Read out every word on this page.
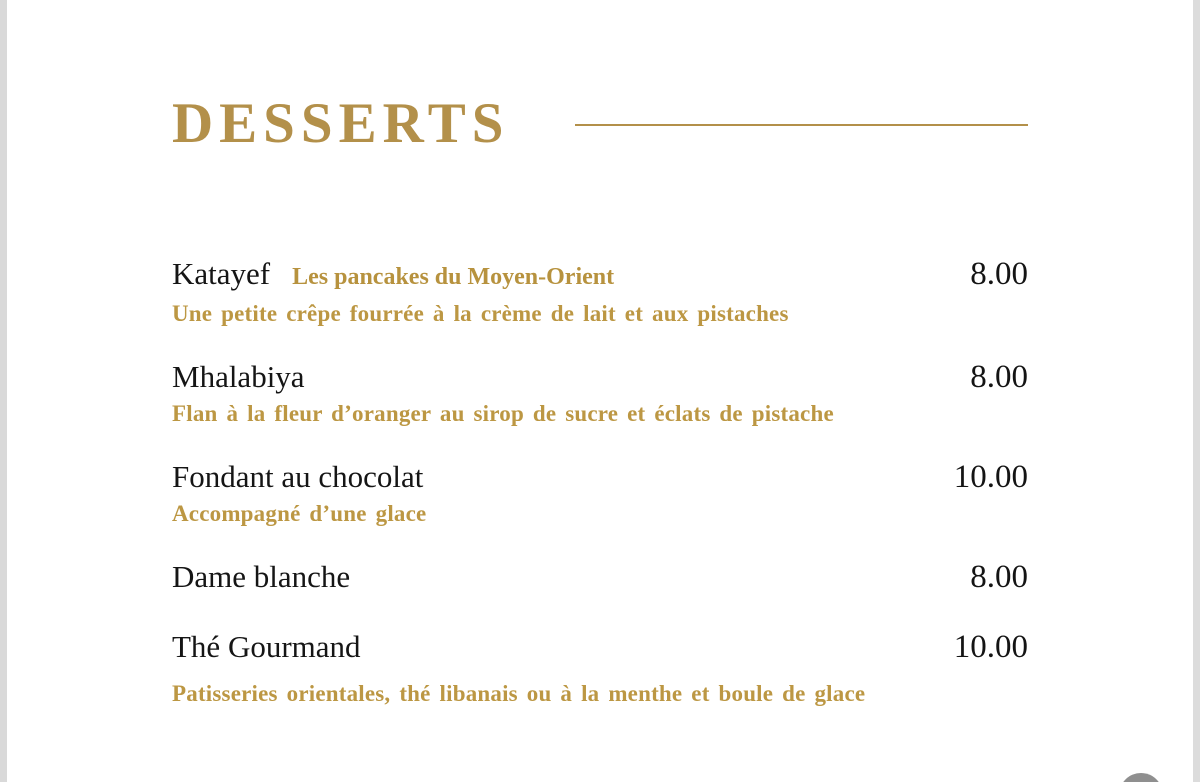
DESSERTS
Katayef Les pancakes du Moyen-Orient	8.00
Une petite crêpe fourrée à la crème de lait et aux pistaches
Mhalabiya	8.00
Flan à la fleur d’oranger au sirop de sucre et éclats de pistache
Fondant au chocolat	10.00
Accompagné d’une glace
Dame blanche	8.00
Thé Gourmand	10.00
Patisseries orientales, thé libanais ou à la menthe et boule de glace
